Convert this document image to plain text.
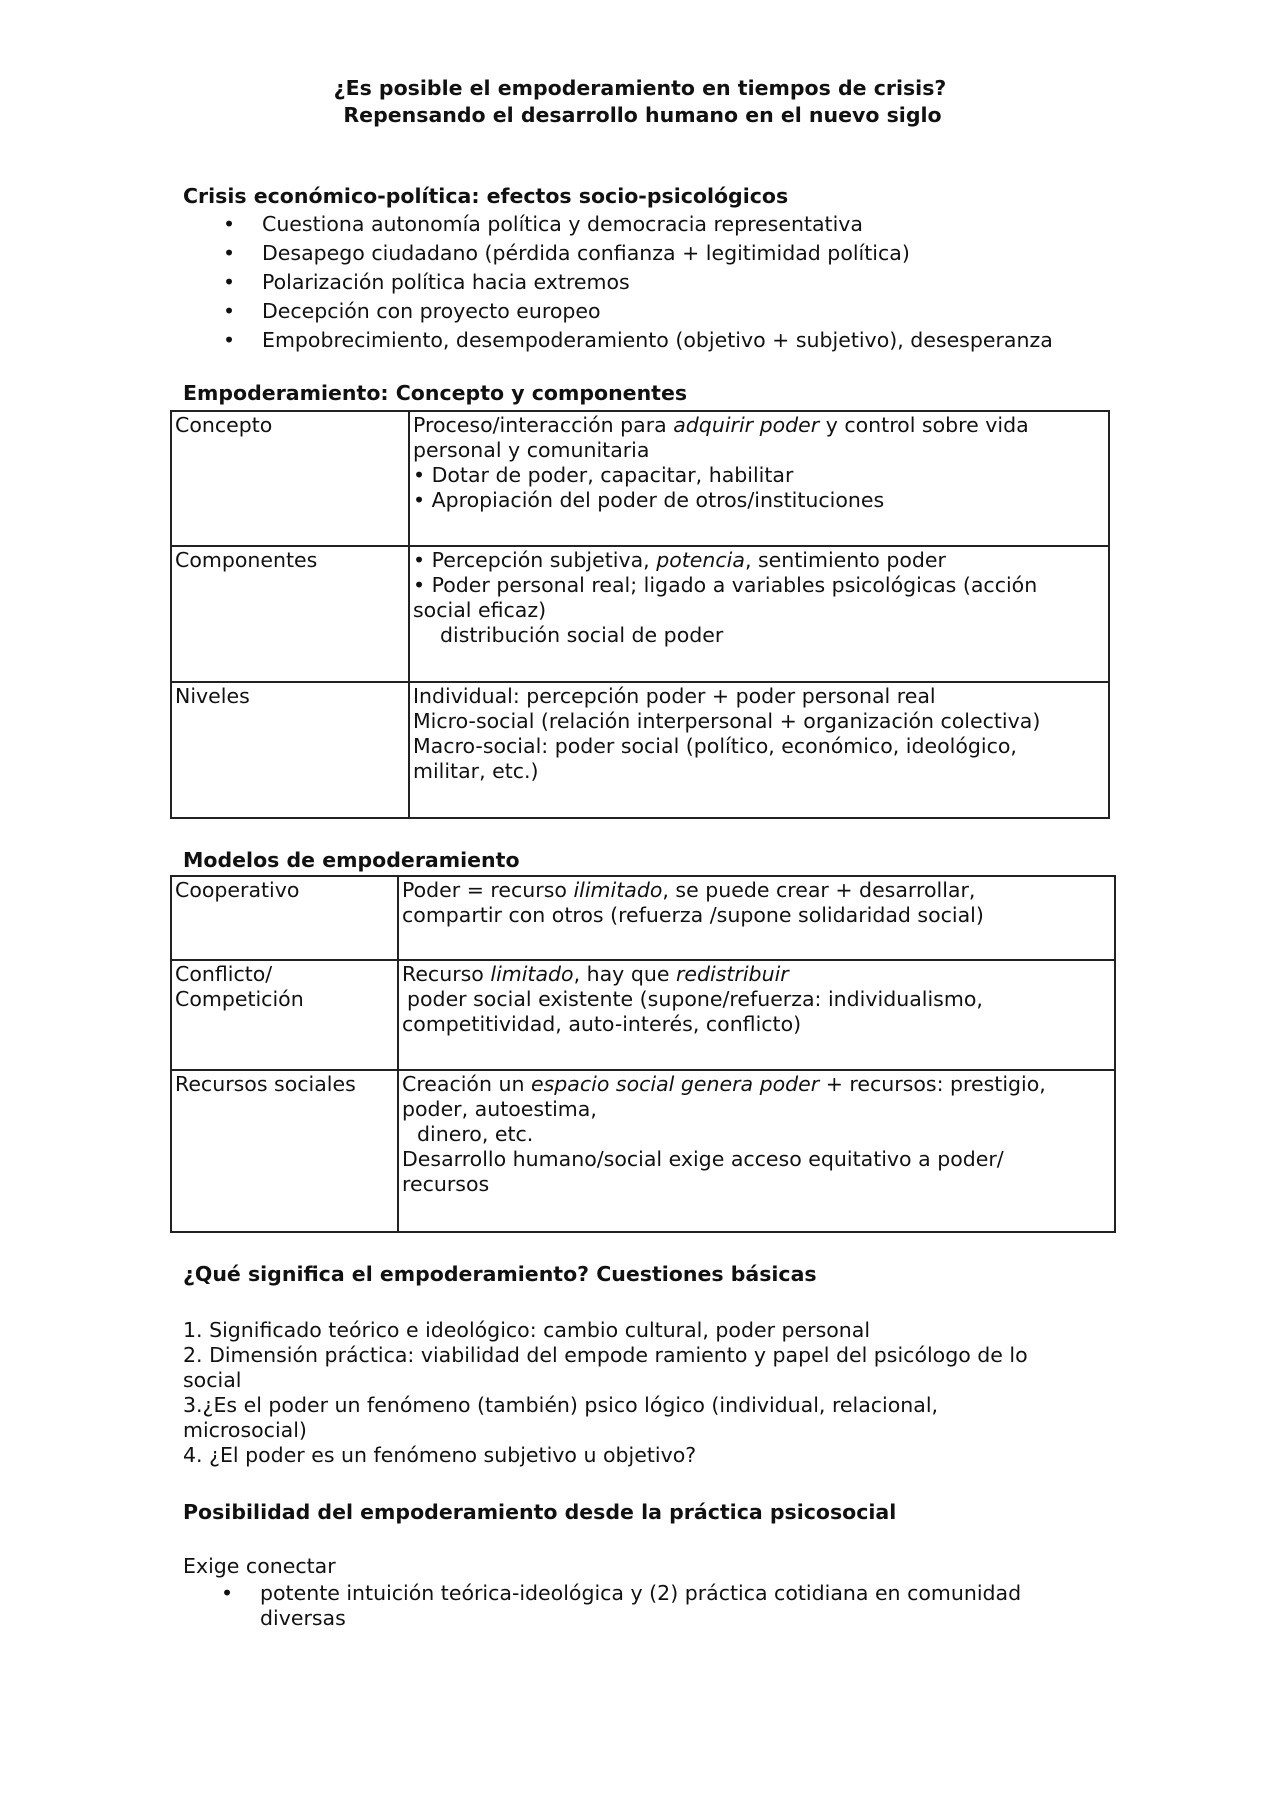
¿Es posible el empoderamiento en tiempos de crisis?
Repensando el desarrollo humano en el nuevo siglo
Crisis económico-política: efectos socio-psicológicos
• Cuestiona autonomía política y democracia representativa
• Desapego ciudadano (pérdida confianza + legitimidad política)
• Polarización política hacia extremos
• Decepción con proyecto europeo
• Empobrecimiento, desempoderamiento (objetivo + subjetivo), desesperanza
Empoderamiento: Concepto y componentes
Concepto	Proceso/interacción para adquirir poder y control sobre vida
personal y comunitaria
• Dotar de poder, capacitar, habilitar
• Apropiación del poder de otros/instituciones

Componentes	• Percepción subjetiva, potencia, sentimiento poder
• Poder personal real; ligado a variables psicológicas (acción
social eficaz)
distribución social de poder

Niveles	Individual: percepción poder + poder personal real
Micro-social (relación interpersonal + organización colectiva)
Macro-social: poder social (político, económico, ideológico,
militar, etc.)
Modelos de empoderamiento
Cooperativo	Poder = recurso ilimitado, se puede crear + desarrollar,
compartir con otros (refuerza /supone solidaridad social)

Conflicto/
Competición	Recurso limitado, hay que redistribuir
poder social existente (supone/refuerza: individualismo,
competitividad, auto-interés, conflicto)

Recursos sociales	Creación un espacio social genera poder + recursos: prestigio,
poder, autoestima,
dinero, etc.
Desarrollo humano/social exige acceso equitativo a poder/
recursos
¿Qué significa el empoderamiento? Cuestiones básicas
1. Significado teórico e ideológico: cambio cultural, poder personal
2. Dimensión práctica: viabilidad del empode ramiento y papel del psicólogo de lo
social
3.¿Es el poder un fenómeno (también) psico lógico (individual, relacional,
microsocial)
4. ¿El poder es un fenómeno subjetivo u objetivo?
Posibilidad del empoderamiento desde la práctica psicosocial
Exige conectar
• potente intuición teórica-ideológica y (2) práctica cotidiana en comunidad
diversas
